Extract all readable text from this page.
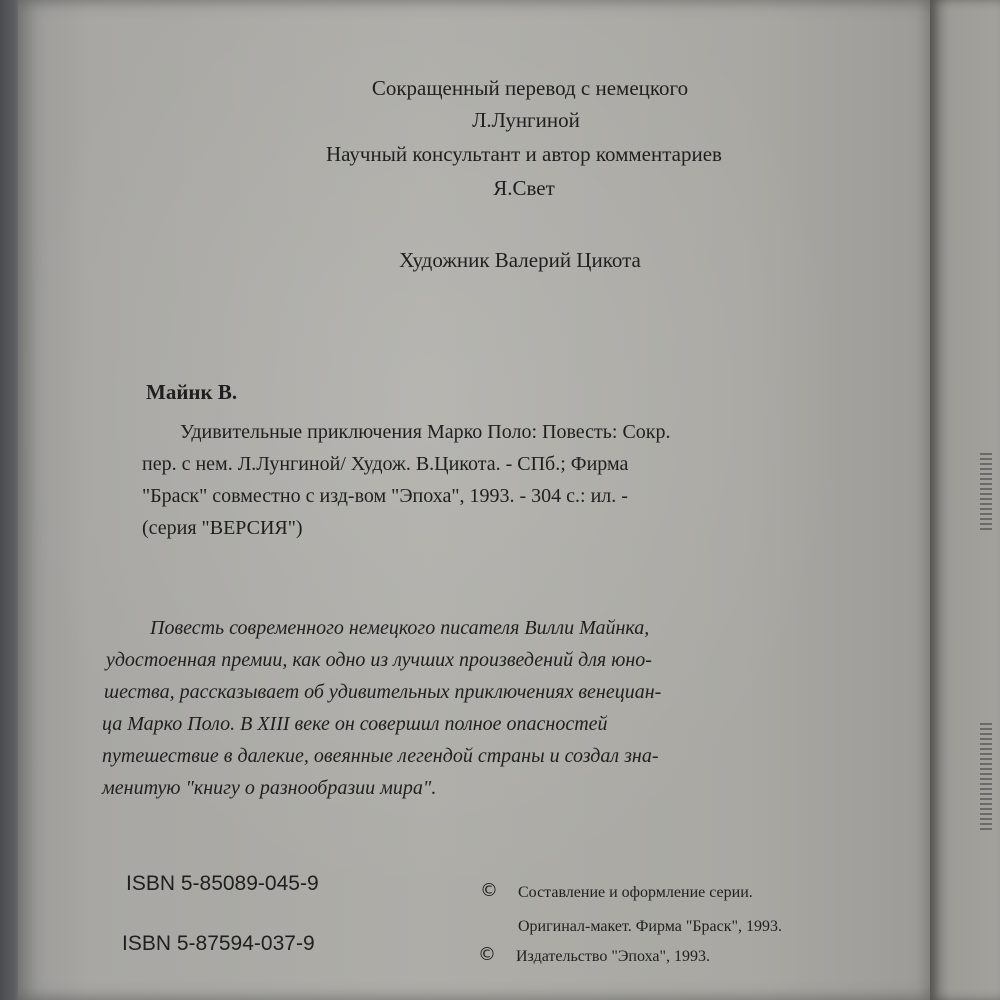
Сокращенный перевод с немецкого

Л.Лунгиной

Научный консультант и автор комментариев

Я.Свет

Художник Валерий Цикота

Майнк В.

Удивительные приключения Марко Поло: Повесть: Сокр.

пер. с нем. Л.Лунгиной/ Худож. В.Цикота. - СПб.; Фирма

"Браск" совместно с изд-вом "Эпоха", 1993. - 304 с.: ил. -

(серия "ВЕРСИЯ")

Повесть современного немецкого писателя Вилли Майнка,

удостоенная премии, как одно из лучших произведений для юно-

шества, рассказывает об удивительных приключениях венециан-

ца Марко Поло. В XIII веке он совершил полное опасностей

путешествие в далекие, овеянные легендой страны и создал зна-

менитую "книгу о разнообразии мира".

ISBN 5-85089-045-9

ISBN 5-87594-037-9

© Составление и оформление серии.

Оригинал-макет. Фирма "Браск", 1993.

© Издательство "Эпоха", 1993.
